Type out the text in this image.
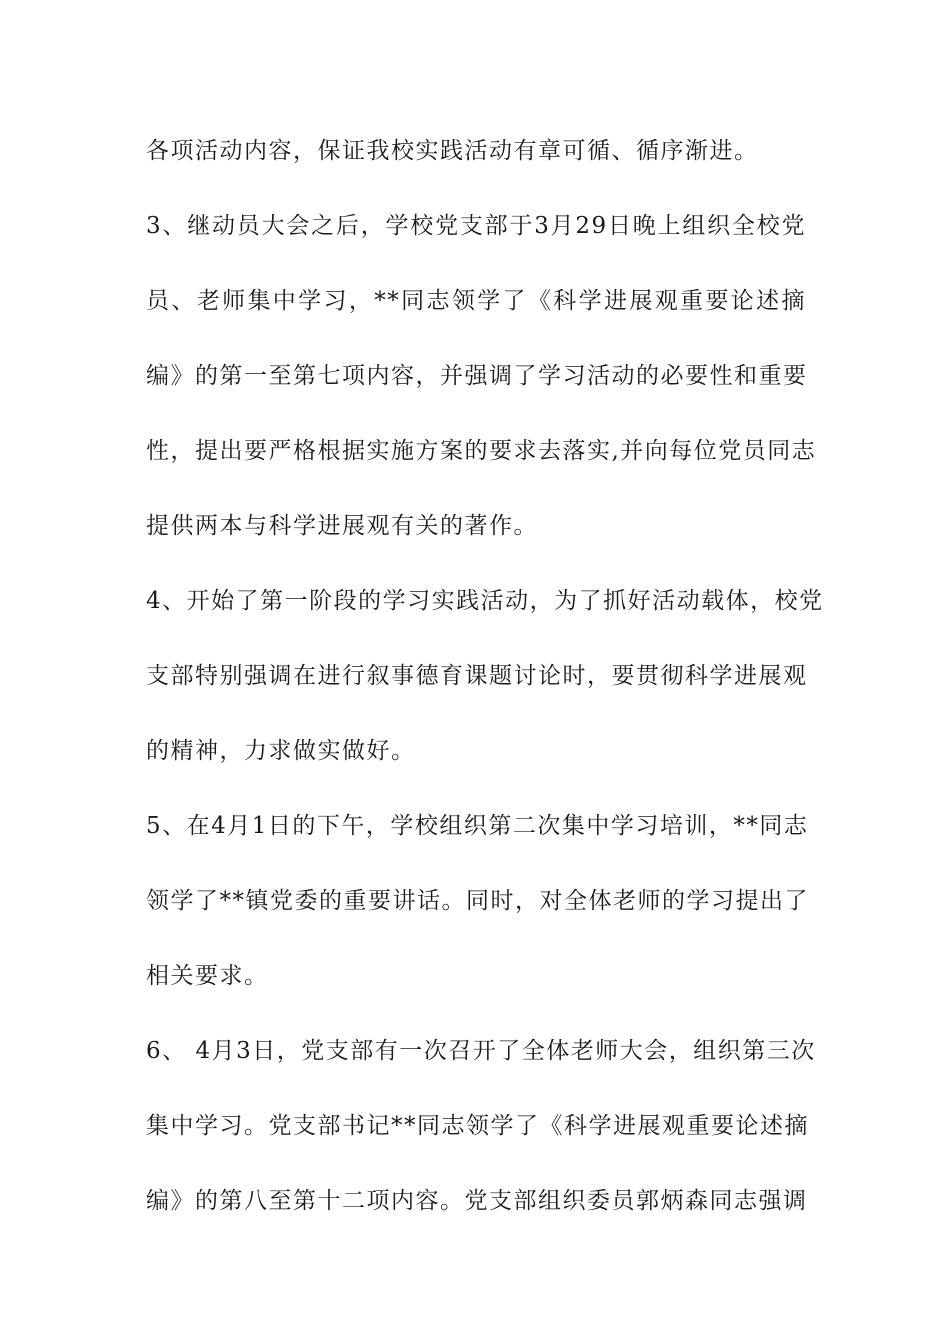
各项活动内容，保证我校实践活动有章可循、循序渐进。
3、继动员大会之后，学校党支部于3月29日晚上组织全校党
员、老师集中学习，**同志领学了《科学进展观重要论述摘
编》的第一至第七项内容，并强调了学习活动的必要性和重要
性，提出要严格根据实施方案的要求去落实,并向每位党员同志
提供两本与科学进展观有关的著作。
4、开始了第一阶段的学习实践活动，为了抓好活动载体，校党
支部特别强调在进行叙事德育课题讨论时，要贯彻科学进展观
的精神，力求做实做好。
5、在4月1日的下午，学校组织第二次集中学习培训，**同志
领学了**镇党委的重要讲话。同时，对全体老师的学习提出了
相关要求。
6、 4月3日，党支部有一次召开了全体老师大会，组织第三次
集中学习。党支部书记**同志领学了《科学进展观重要论述摘
编》的第八至第十二项内容。党支部组织委员郭炳森同志强调
